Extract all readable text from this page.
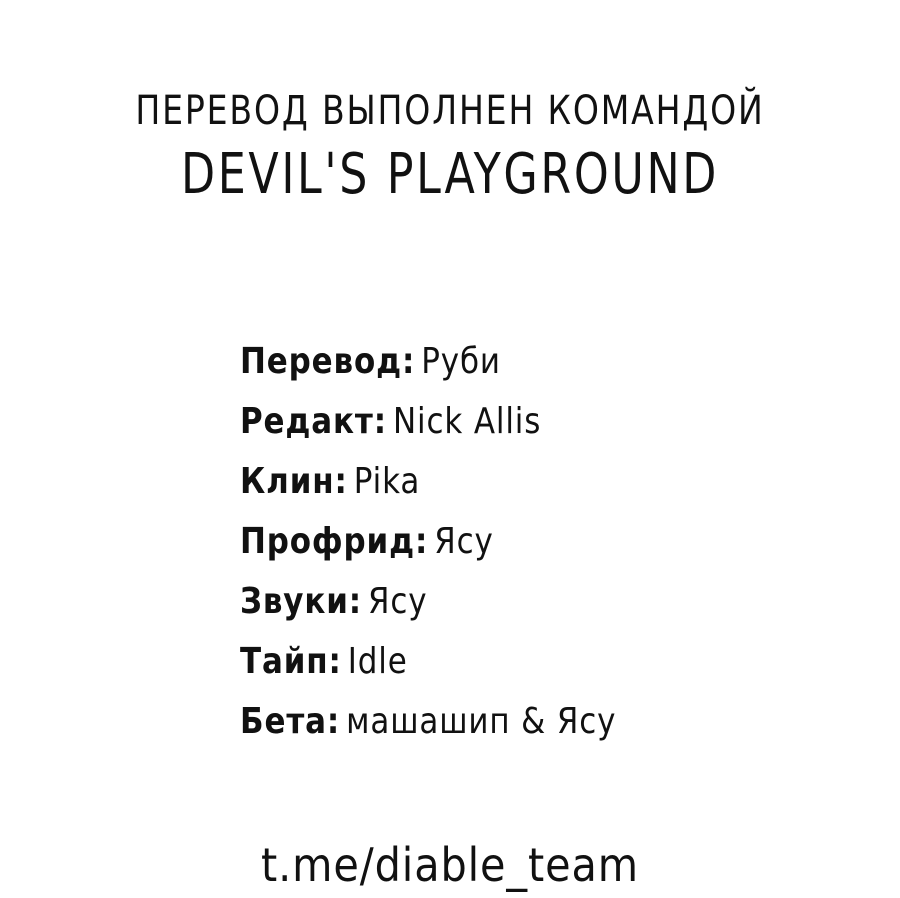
ПЕРЕВОД ВЫПОЛНЕН КОМАНДОЙ
DEVIL'S PLAYGROUND
Перевод: Руби
Редакт: Nick Allis
Клин: Pika
Профрид: Ясу
Звуки: Ясу
Тайп: Idle
Бета: машашип & Ясу
t.me/diable_team
